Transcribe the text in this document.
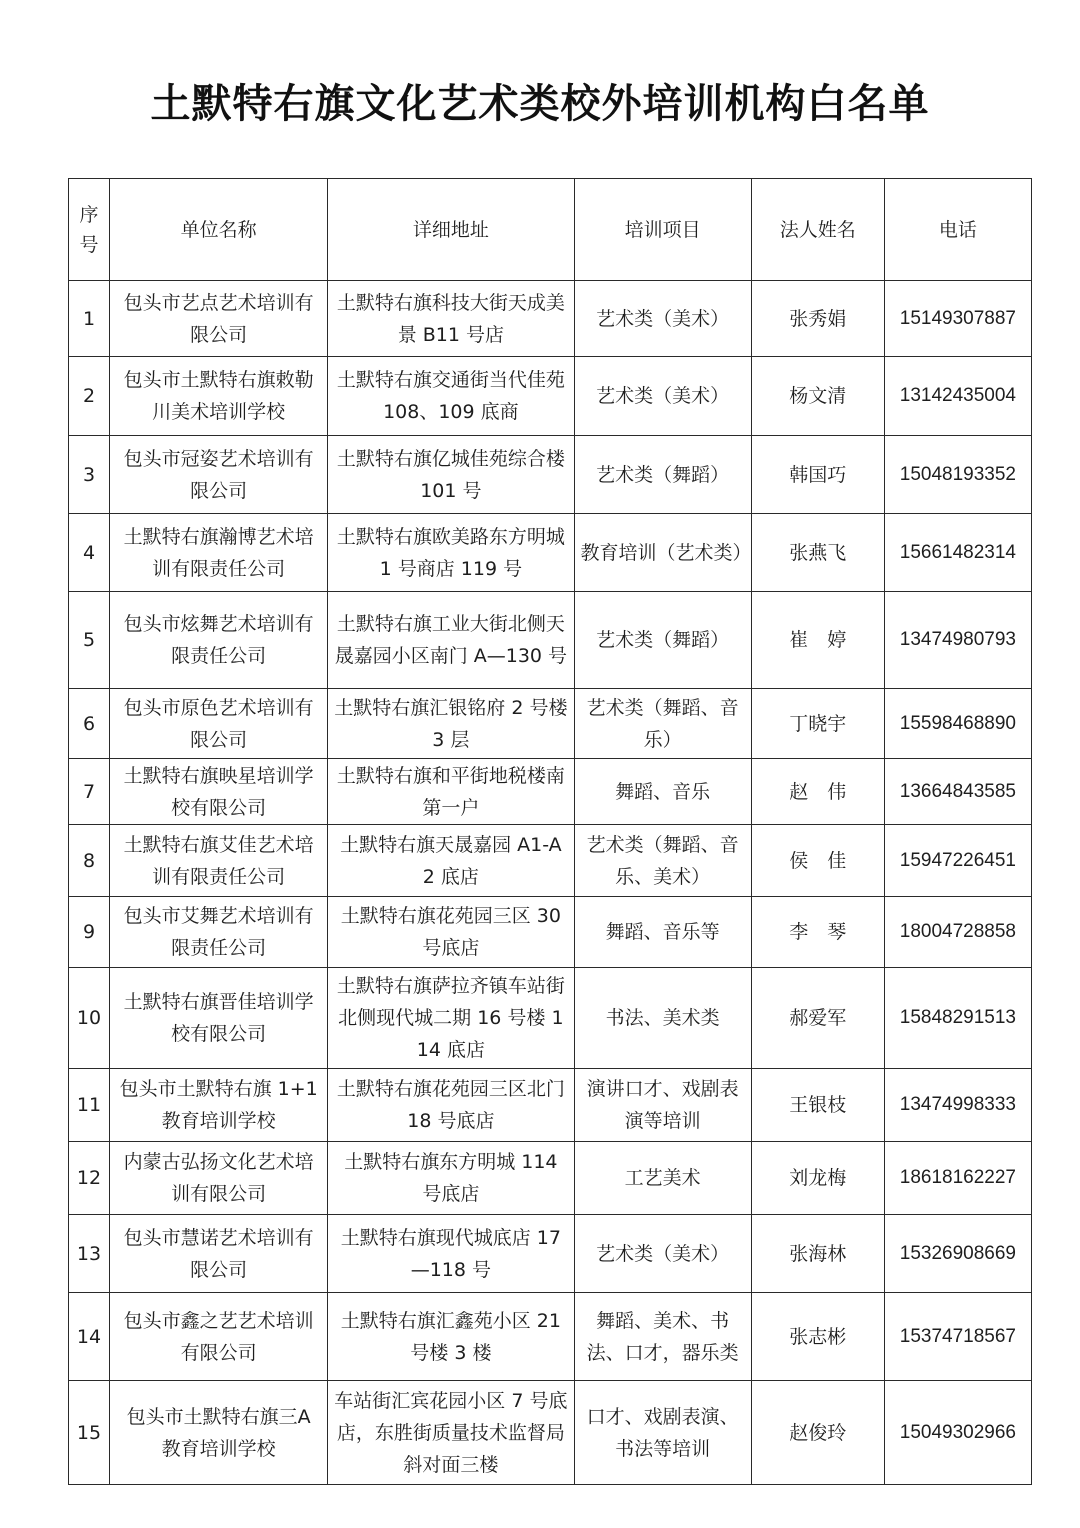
土默特右旗文化艺术类校外培训机构白名单
序号	单位名称	详细地址	培训项目	法人姓名	电话
1	包头市艺点艺术培训有限公司	土默特右旗科技大街天成美景 B11 号店	艺术类（美术）	张秀娟	15149307887
2	包头市土默特右旗敕勒川美术培训学校	土默特右旗交通街当代佳苑 108、109 底商	艺术类（美术）	杨文清	13142435004
3	包头市冠姿艺术培训有限公司	土默特右旗亿城佳苑综合楼 101 号	艺术类（舞蹈）	韩国巧	15048193352
4	土默特右旗瀚博艺术培训有限责任公司	土默特右旗欧美路东方明城 1 号商店 119 号	教育培训（艺术类）	张燕飞	15661482314
5	包头市炫舞艺术培训有限责任公司	土默特右旗工业大街北侧天晟嘉园小区南门 A—130 号	艺术类（舞蹈）	崔　婷	13474980793
6	包头市原色艺术培训有限公司	土默特右旗汇银铭府 2 号楼 3 层	艺术类（舞蹈、音乐）	丁晓宇	15598468890
7	土默特右旗映星培训学校有限公司	土默特右旗和平街地税楼南第一户	舞蹈、音乐	赵　伟	13664843585
8	土默特右旗艾佳艺术培训有限责任公司	土默特右旗天晟嘉园 A1-A2 底店	艺术类（舞蹈、音乐、美术）	侯　佳	15947226451
9	包头市艾舞艺术培训有限责任公司	土默特右旗花苑园三区 30 号底店	舞蹈、音乐等	李　琴	18004728858
10	土默特右旗晋佳培训学校有限公司	土默特右旗萨拉齐镇车站街北侧现代城二期 16 号楼 114 底店	书法、美术类	郝爱军	15848291513
11	包头市土默特右旗 1+1 教育培训学校	土默特右旗花苑园三区北门 18 号底店	演讲口才、戏剧表演等培训	王银枝	13474998333
12	内蒙古弘扬文化艺术培训有限公司	土默特右旗东方明城 114 号底店	工艺美术	刘龙梅	18618162227
13	包头市慧诺艺术培训有限公司	土默特右旗现代城底店 17—118 号	艺术类（美术）	张海林	15326908669
14	包头市鑫之艺艺术培训有限公司	土默特右旗汇鑫苑小区 21 号楼 3 楼	舞蹈、美术、书法、口才，器乐类	张志彬	15374718567
15	包头市土默特右旗三A 教育培训学校	车站街汇宾花园小区 7 号底店，东胜街质量技术监督局斜对面三楼	口才、戏剧表演、书法等培训	赵俊玲	15049302966
